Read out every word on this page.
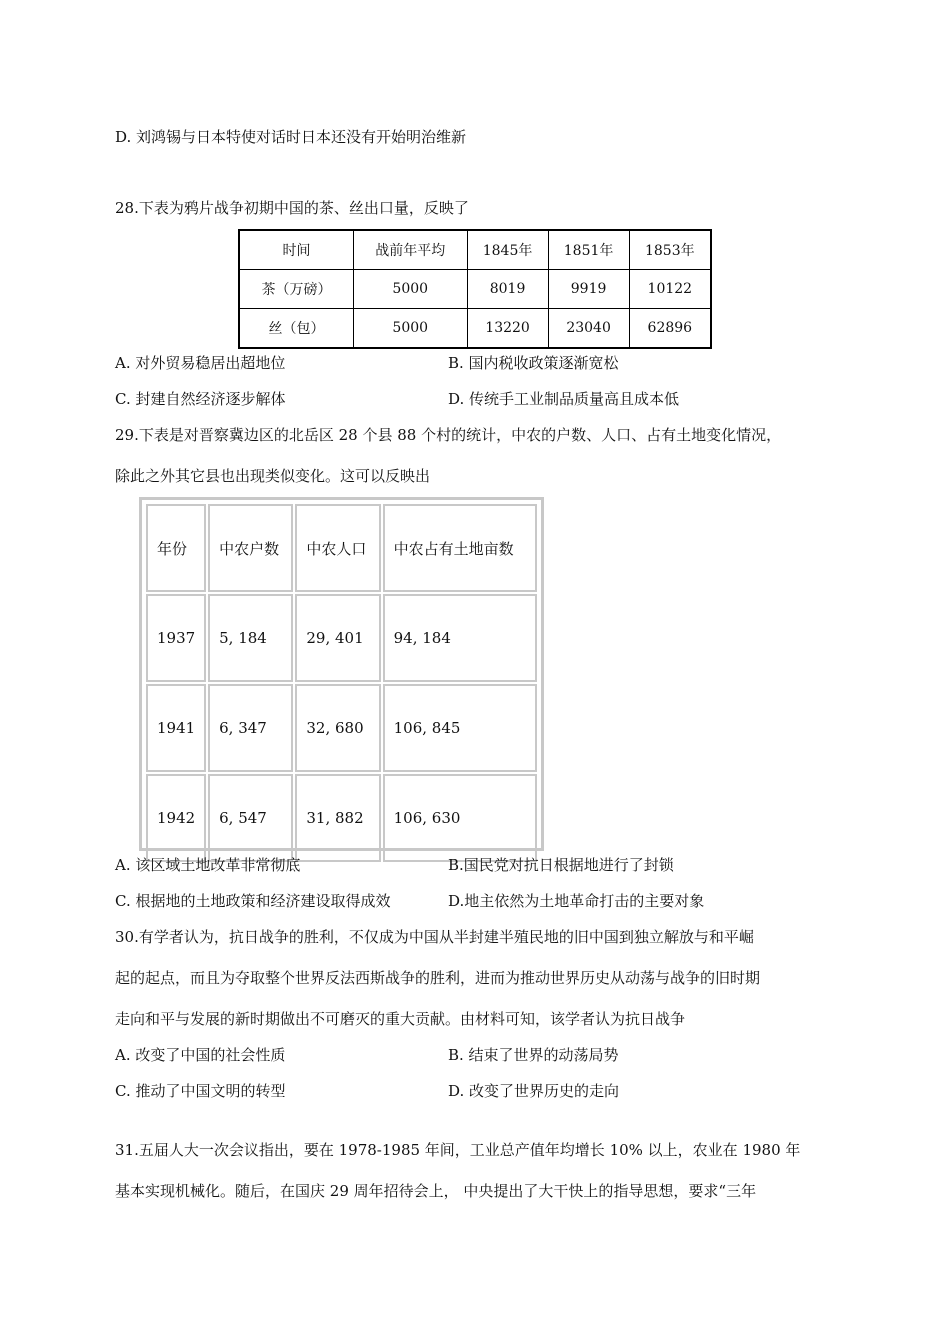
D. 刘鸿锡与日本特使对话时日本还没有开始明治维新
28.下表为鸦片战争初期中国的茶、丝出口量，反映了
时间	战前年平均	1845年	1851年	1853年
茶（万磅）	5000	8019	9919	10122
丝（包）	5000	13220	23040	62896
A. 对外贸易稳居出超地位	B. 国内税收政策逐渐宽松
C. 封建自然经济逐步解体	D. 传统手工业制品质量高且成本低
29.下表是对晋察冀边区的北岳区 28 个县 88 个村的统计，中农的户数、人口、占有土地变化情况，
除此之外其它县也出现类似变化。这可以反映出
年份	中农户数	中农人口	中农占有土地亩数
1937	5, 184	29, 401	94, 184
1941	6, 347	32, 680	106, 845
1942	6, 547	31, 882	106, 630
A. 该区域土地改革非常彻底	B.国民党对抗日根据地进行了封锁
C. 根据地的土地政策和经济建设取得成效	D.地主依然为土地革命打击的主要对象
30.有学者认为，抗日战争的胜利，不仅成为中国从半封建半殖民地的旧中国到独立解放与和平崛
起的起点，而且为夺取整个世界反法西斯战争的胜利，进而为推动世界历史从动荡与战争的旧时期
走向和平与发展的新时期做出不可磨灭的重大贡献。由材料可知，该学者认为抗日战争
A. 改变了中国的社会性质	B. 结束了世界的动荡局势
C. 推动了中国文明的转型	D. 改变了世界历史的走向
31.五届人大一次会议指出，要在 1978-1985 年间，工业总产值年均增长 10% 以上，农业在 1980 年
基本实现机械化。随后，在国庆 29 周年招待会上， 中央提出了大干快上的指导思想，要求“三年
